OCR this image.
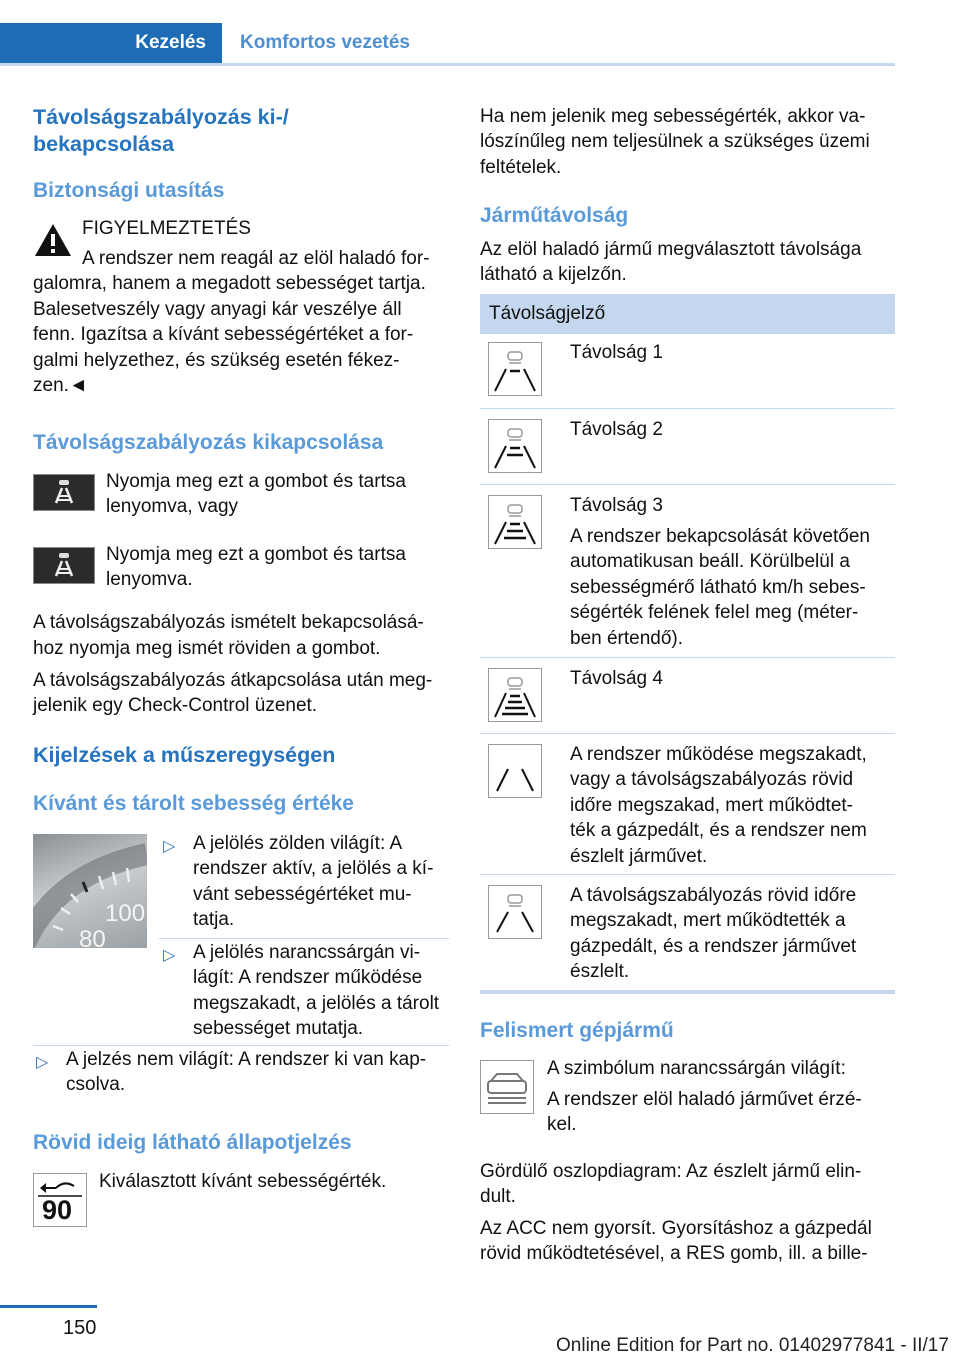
Kezelés	Komfortos vezetés
Távolságszabályozás ki-/
bekapcsolása
Biztonsági utasítás
FIGYELMEZTETÉS
A rendszer nem reagál az elöl haladó for-
galomra, hanem a megadott sebességet tartja.
Balesetveszély vagy anyagi kár veszélye áll
fenn. Igazítsa a kívánt sebességértéket a for-
galmi helyzethez, és szükség esetén fékez-
zen.◄
Távolságszabályozás kikapcsolása
Nyomja meg ezt a gombot és tartsa
lenyomva, vagy
Nyomja meg ezt a gombot és tartsa
lenyomva.
A távolságszabályozás ismételt bekapcsolásá-
hoz nyomja meg ismét röviden a gombot.
A távolságszabályozás átkapcsolása után meg-
jelenik egy Check-Control üzenet.
Kijelzések a műszeregységen
Kívánt és tárolt sebesség értéke
100
80
▷ A jelölés zölden világít: A
rendszer aktív, a jelölés a kí-
vánt sebességértéket mu-
tatja.
▷ A jelölés narancssárgán vi-
lágít: A rendszer működése
megszakadt, a jelölés a tárolt
sebességet mutatja.
▷ A jelzés nem világít: A rendszer ki van kap-
csolva.
Rövid ideig látható állapotjelzés
90
Kiválasztott kívánt sebességérték.
Ha nem jelenik meg sebességérték, akkor va-
lószínűleg nem teljesülnek a szükséges üzemi
feltételek.
Járműtávolság
Az elöl haladó jármű megválasztott távolsága
látható a kijelzőn.
Távolságjelző
Távolság 1
Távolság 2
Távolság 3
A rendszer bekapcsolását követően
automatikusan beáll. Körülbelül a
sebességmérő látható km/h sebes-
ségérték felének felel meg (méter-
ben értendő).
Távolság 4
A rendszer működése megszakadt,
vagy a távolságszabályozás rövid
időre megszakad, mert működtet-
ték a gázpedált, és a rendszer nem
észlelt járművet.
A távolságszabályozás rövid időre
megszakadt, mert működtették a
gázpedált, és a rendszer járművet
észlelt.
Felismert gépjármű
A szimbólum narancssárgán világít:
A rendszer elöl haladó járművet érzé-
kel.
Gördülő oszlopdiagram: Az észlelt jármű elin-
dult.
Az ACC nem gyorsít. Gyorsításhoz a gázpedál
rövid működtetésével, a RES gomb, ill. a bille-
150
Online Edition for Part no. 01402977841 - II/17
